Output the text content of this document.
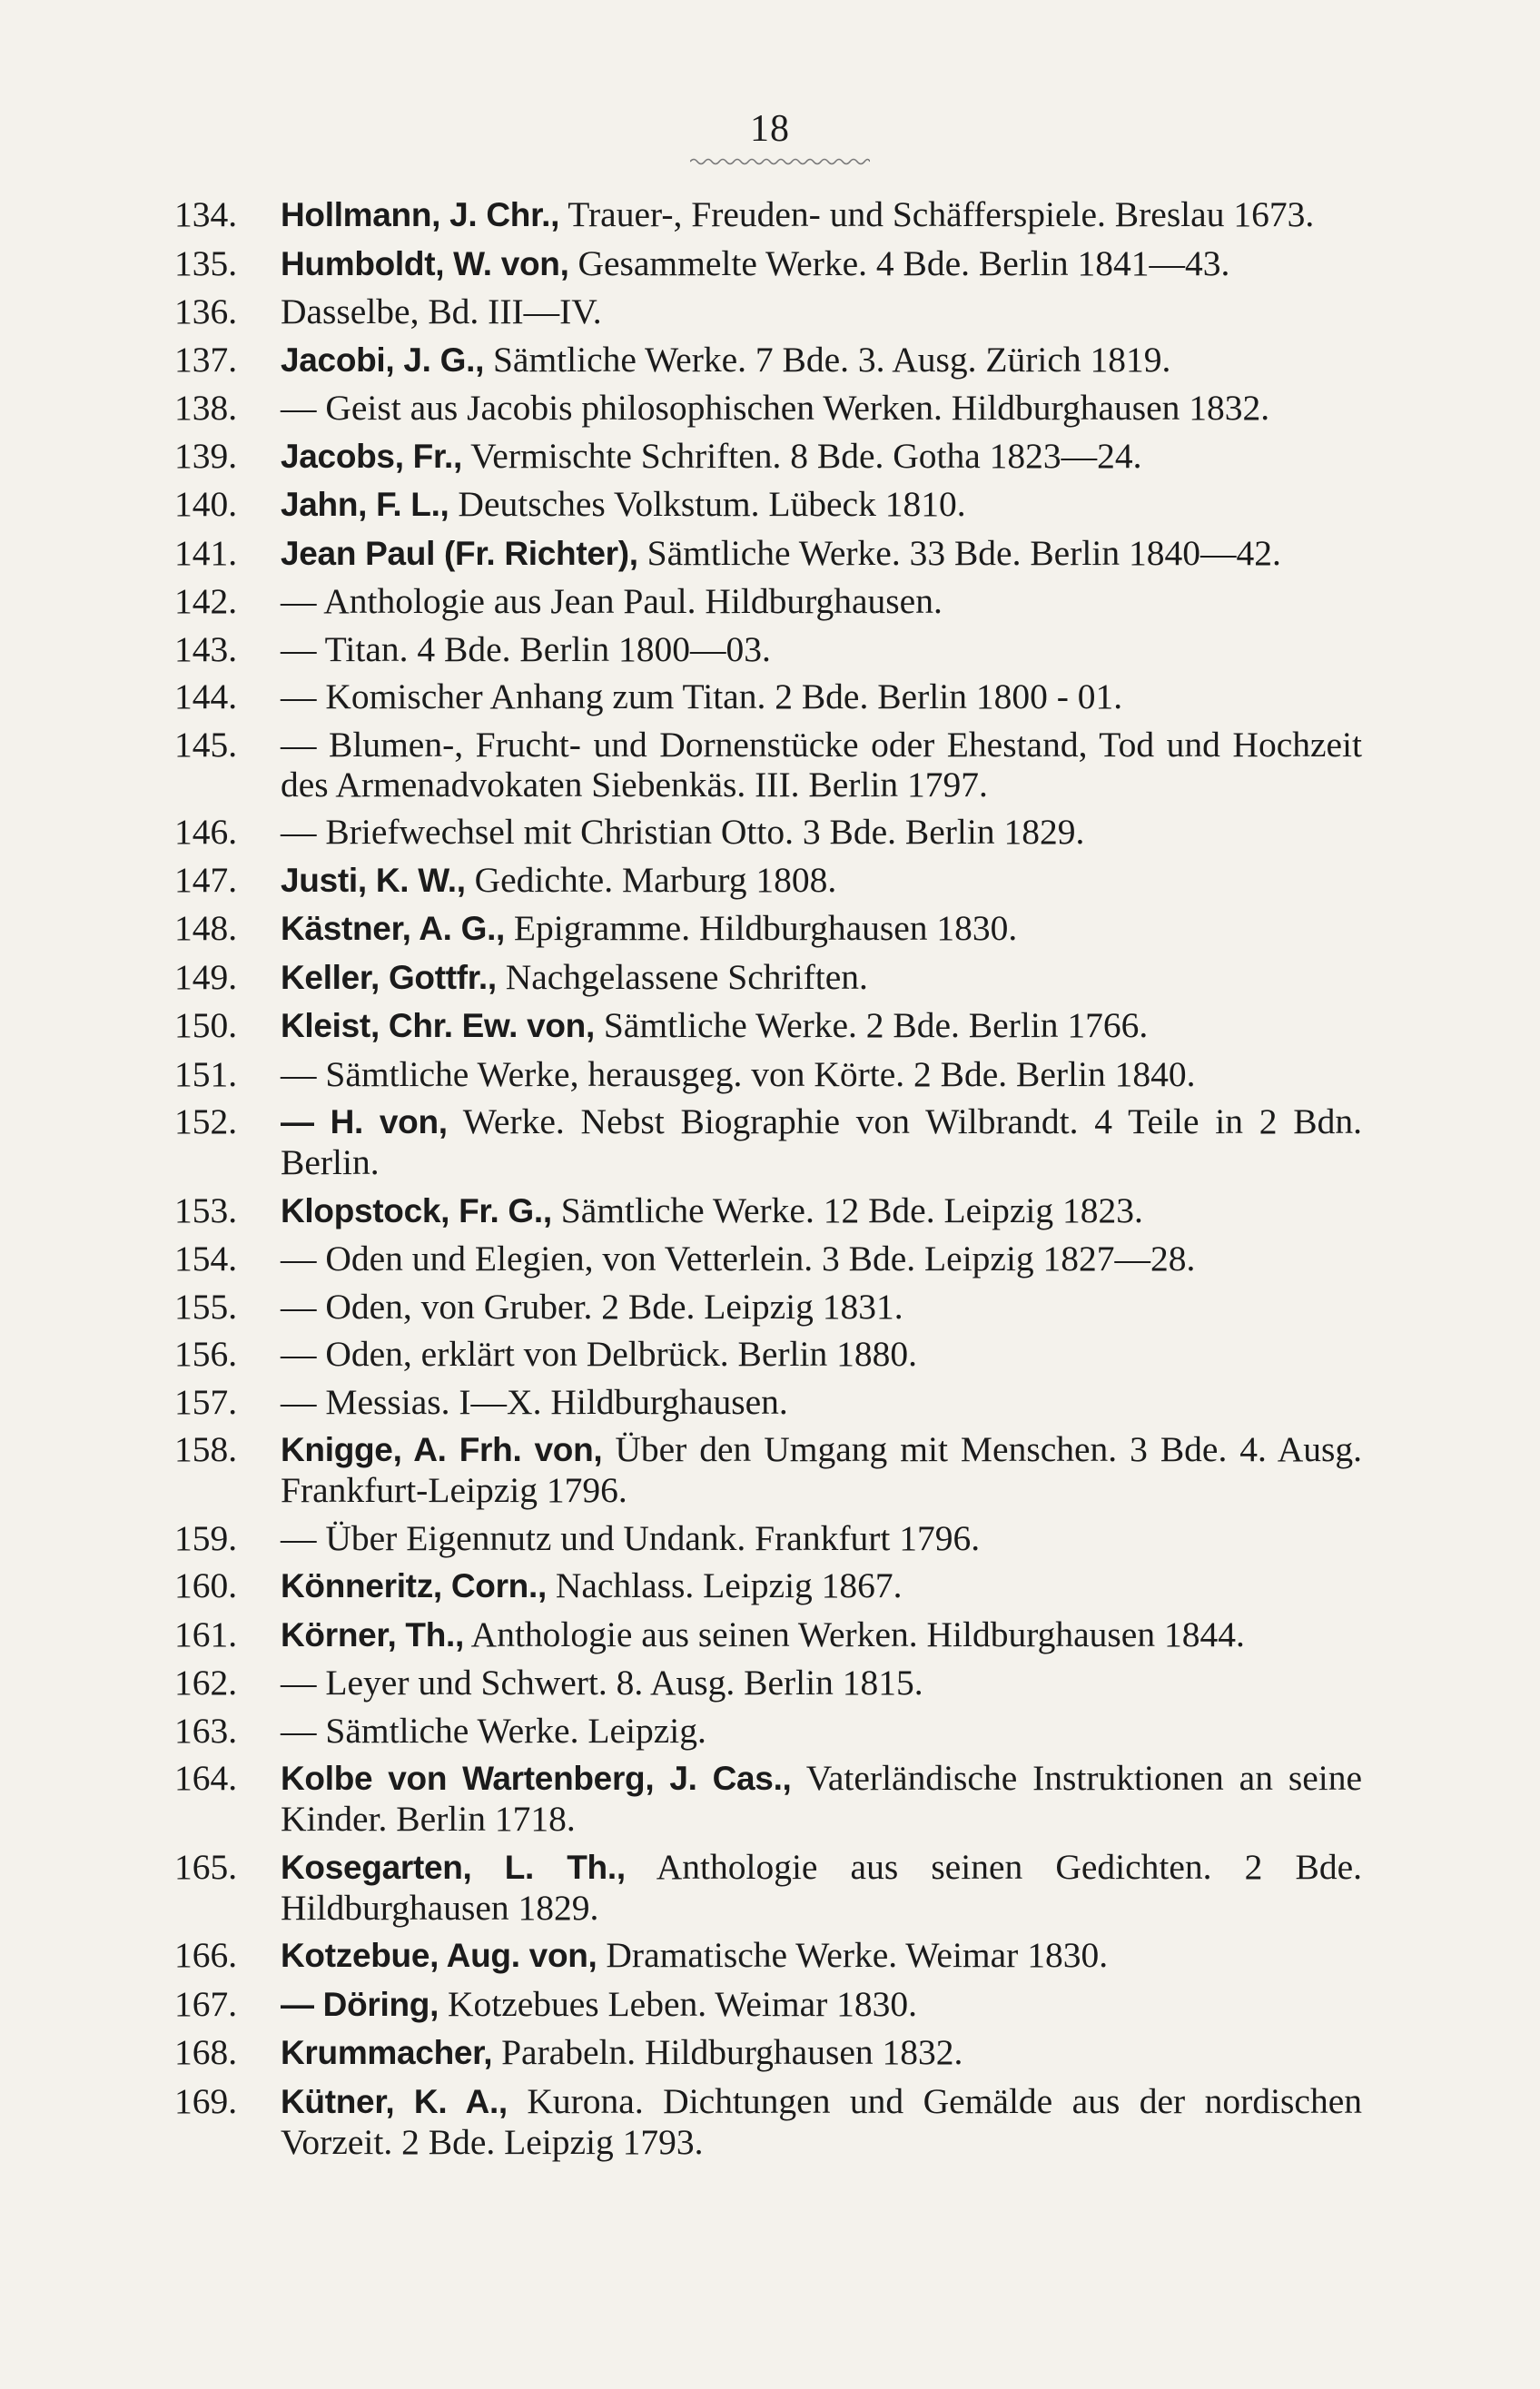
18
134. Hollmann, J. Chr., Trauer-, Freuden- und Schäfferspiele. Breslau 1673.
135. Humboldt, W. von, Gesammelte Werke. 4 Bde. Berlin 1841—43.
136. Dasselbe, Bd. III—IV.
137. Jacobi, J. G., Sämtliche Werke. 7 Bde. 3. Ausg. Zürich 1819.
138. — Geist aus Jacobis philosophischen Werken. Hildburghausen 1832.
139. Jacobs, Fr., Vermischte Schriften. 8 Bde. Gotha 1823—24.
140. Jahn, F. L., Deutsches Volkstum. Lübeck 1810.
141. Jean Paul (Fr. Richter), Sämtliche Werke. 33 Bde. Berlin 1840—42.
142. — Anthologie aus Jean Paul. Hildburghausen.
143. — Titan. 4 Bde. Berlin 1800—03.
144. — Komischer Anhang zum Titan. 2 Bde. Berlin 1800 - 01.
145. — Blumen-, Frucht- und Dornenstücke oder Ehestand, Tod und Hochzeit des Armenadvokaten Siebenkäs. III. Berlin 1797.
146. — Briefwechsel mit Christian Otto. 3 Bde. Berlin 1829.
147. Justi, K. W., Gedichte. Marburg 1808.
148. Kästner, A. G., Epigramme. Hildburghausen 1830.
149. Keller, Gottfr., Nachgelassene Schriften.
150. Kleist, Chr. Ew. von, Sämtliche Werke. 2 Bde. Berlin 1766.
151. — Sämtliche Werke, herausgeg. von Körte. 2 Bde. Berlin 1840.
152. — H. von, Werke. Nebst Biographie von Wilbrandt. 4 Teile in 2 Bdn. Berlin.
153. Klopstock, Fr. G., Sämtliche Werke. 12 Bde. Leipzig 1823.
154. — Oden und Elegien, von Vetterlein. 3 Bde. Leipzig 1827—28.
155. — Oden, von Gruber. 2 Bde. Leipzig 1831.
156. — Oden, erklärt von Delbrück. Berlin 1880.
157. — Messias. I—X. Hildburghausen.
158. Knigge, A. Frh. von, Über den Umgang mit Menschen. 3 Bde. 4. Ausg. Frankfurt-Leipzig 1796.
159. — Über Eigennutz und Undank. Frankfurt 1796.
160. Könneritz, Corn., Nachlass. Leipzig 1867.
161. Körner, Th., Anthologie aus seinen Werken. Hildburghausen 1844.
162. — Leyer und Schwert. 8. Ausg. Berlin 1815.
163. — Sämtliche Werke. Leipzig.
164. Kolbe von Wartenberg, J. Cas., Vaterländische Instruktionen an seine Kinder. Berlin 1718.
165. Kosegarten, L. Th., Anthologie aus seinen Gedichten. 2 Bde. Hildburghausen 1829.
166. Kotzebue, Aug. von, Dramatische Werke. Weimar 1830.
167. — Döring, Kotzebues Leben. Weimar 1830.
168. Krummacher, Parabeln. Hildburghausen 1832.
169. Kütner, K. A., Kurona. Dichtungen und Gemälde aus der nordischen Vorzeit. 2 Bde. Leipzig 1793.
